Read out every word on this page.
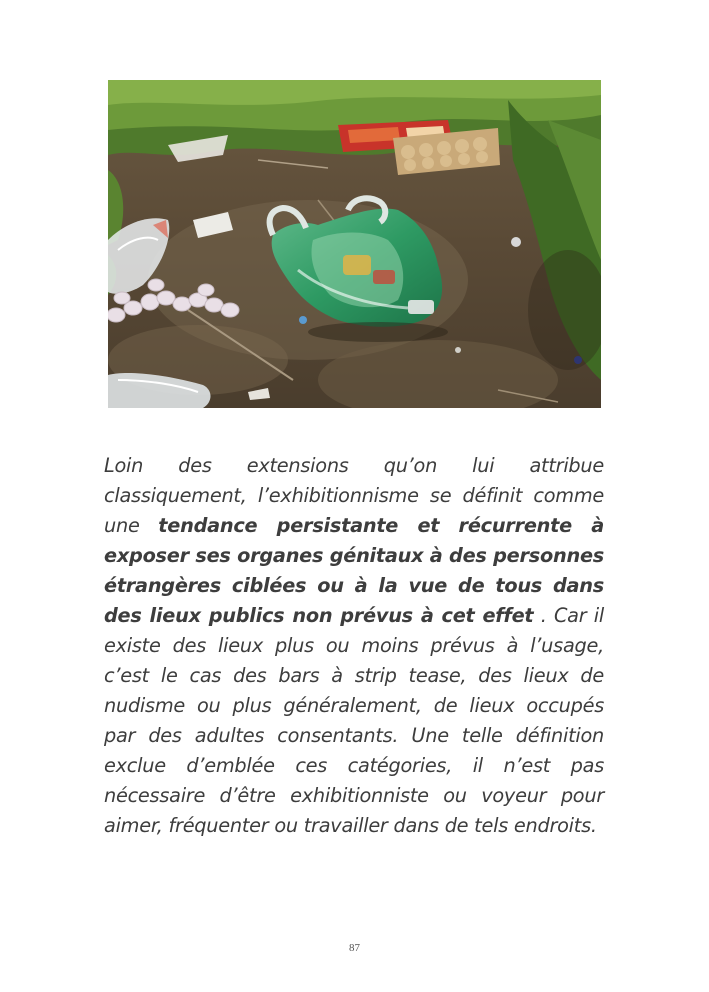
Loin des extensions qu’on lui attribue classiquement, l’exhibitionnisme se définit comme une tendance persistante et récurrente à exposer ses organes génitaux à des personnes étrangères ciblées ou à la vue de tous dans des lieux publics non prévus à cet effet . Car il existe des lieux plus ou moins prévus à l’usage, c’est le cas des bars à strip tease, des lieux de nudisme ou plus généralement, de lieux occupés par des adultes consentants. Une telle définition exclue d’emblée ces catégories, il n’est pas nécessaire d’être exhibitionniste ou voyeur pour aimer, fréquenter ou travailler dans de tels endroits.
87
